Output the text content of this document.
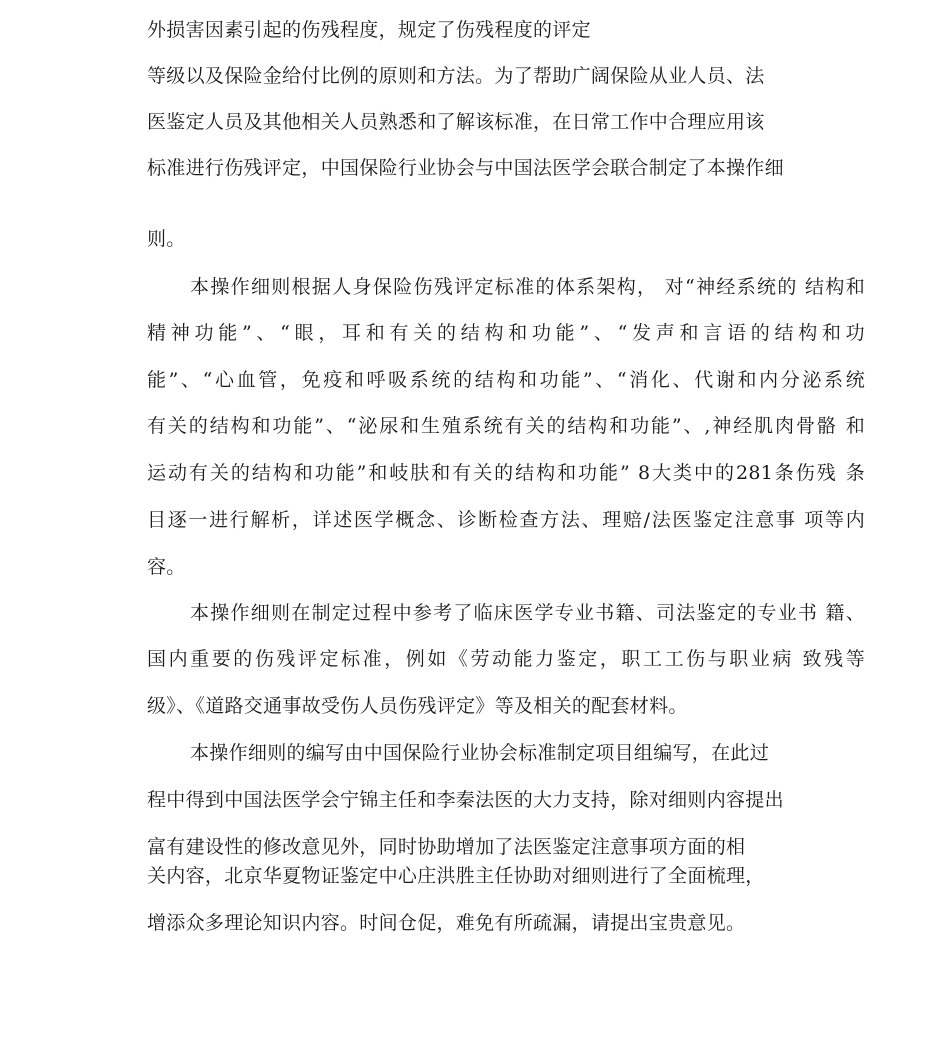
外损害因素引起的伤残程度，规定了伤残程度的评定

等级以及保险金给付比例的原则和方法。为了帮助广阔保险从业人员、法

医鉴定人员及其他相关人员熟悉和了解该标准，在日常工作中合理应用该

标准进行伤残评定，中国保险行业协会与中国法医学会联合制定了本操作细

则。

本操作细则根据人身保险伤残评定标准的体系架构， 对“神经系统的 结构和

精神功能”、“眼，耳和有关的结构和功能”、“发声和言语的结构和功

能”、“心血管，免疫和呼吸系统的结构和功能”、“消化、代谢和内分泌系统

有关的结构和功能”、“泌尿和生殖系统有关的结构和功能”、,神经肌肉骨骼 和

运动有关的结构和功能”和岐肤和有关的结构和功能” 8大类中的281条伤残 条

目逐一进行解析，详述医学概念、诊断检查方法、理赔/法医鉴定注意事 项等内

容。

本操作细则在制定过程中参考了临床医学专业书籍、司法鉴定的专业书 籍、

国内重要的伤残评定标准，例如《劳动能力鉴定，职工工伤与职业病 致残等

级》、《道路交通事故受伤人员伤残评定》等及相关的配套材料。

本操作细则的编写由中国保险行业协会标准制定项目组编写，在此过

程中得到中国法医学会宁锦主任和李秦法医的大力支持，除对细则内容提出

富有建设性的修改意见外，同时协助增加了法医鉴定注意事项方面的相

关内容，北京华夏物证鉴定中心庄洪胜主任协助对细则进行了全面梳理，

增添众多理论知识内容。时间仓促，难免有所疏漏，请提出宝贵意见。
